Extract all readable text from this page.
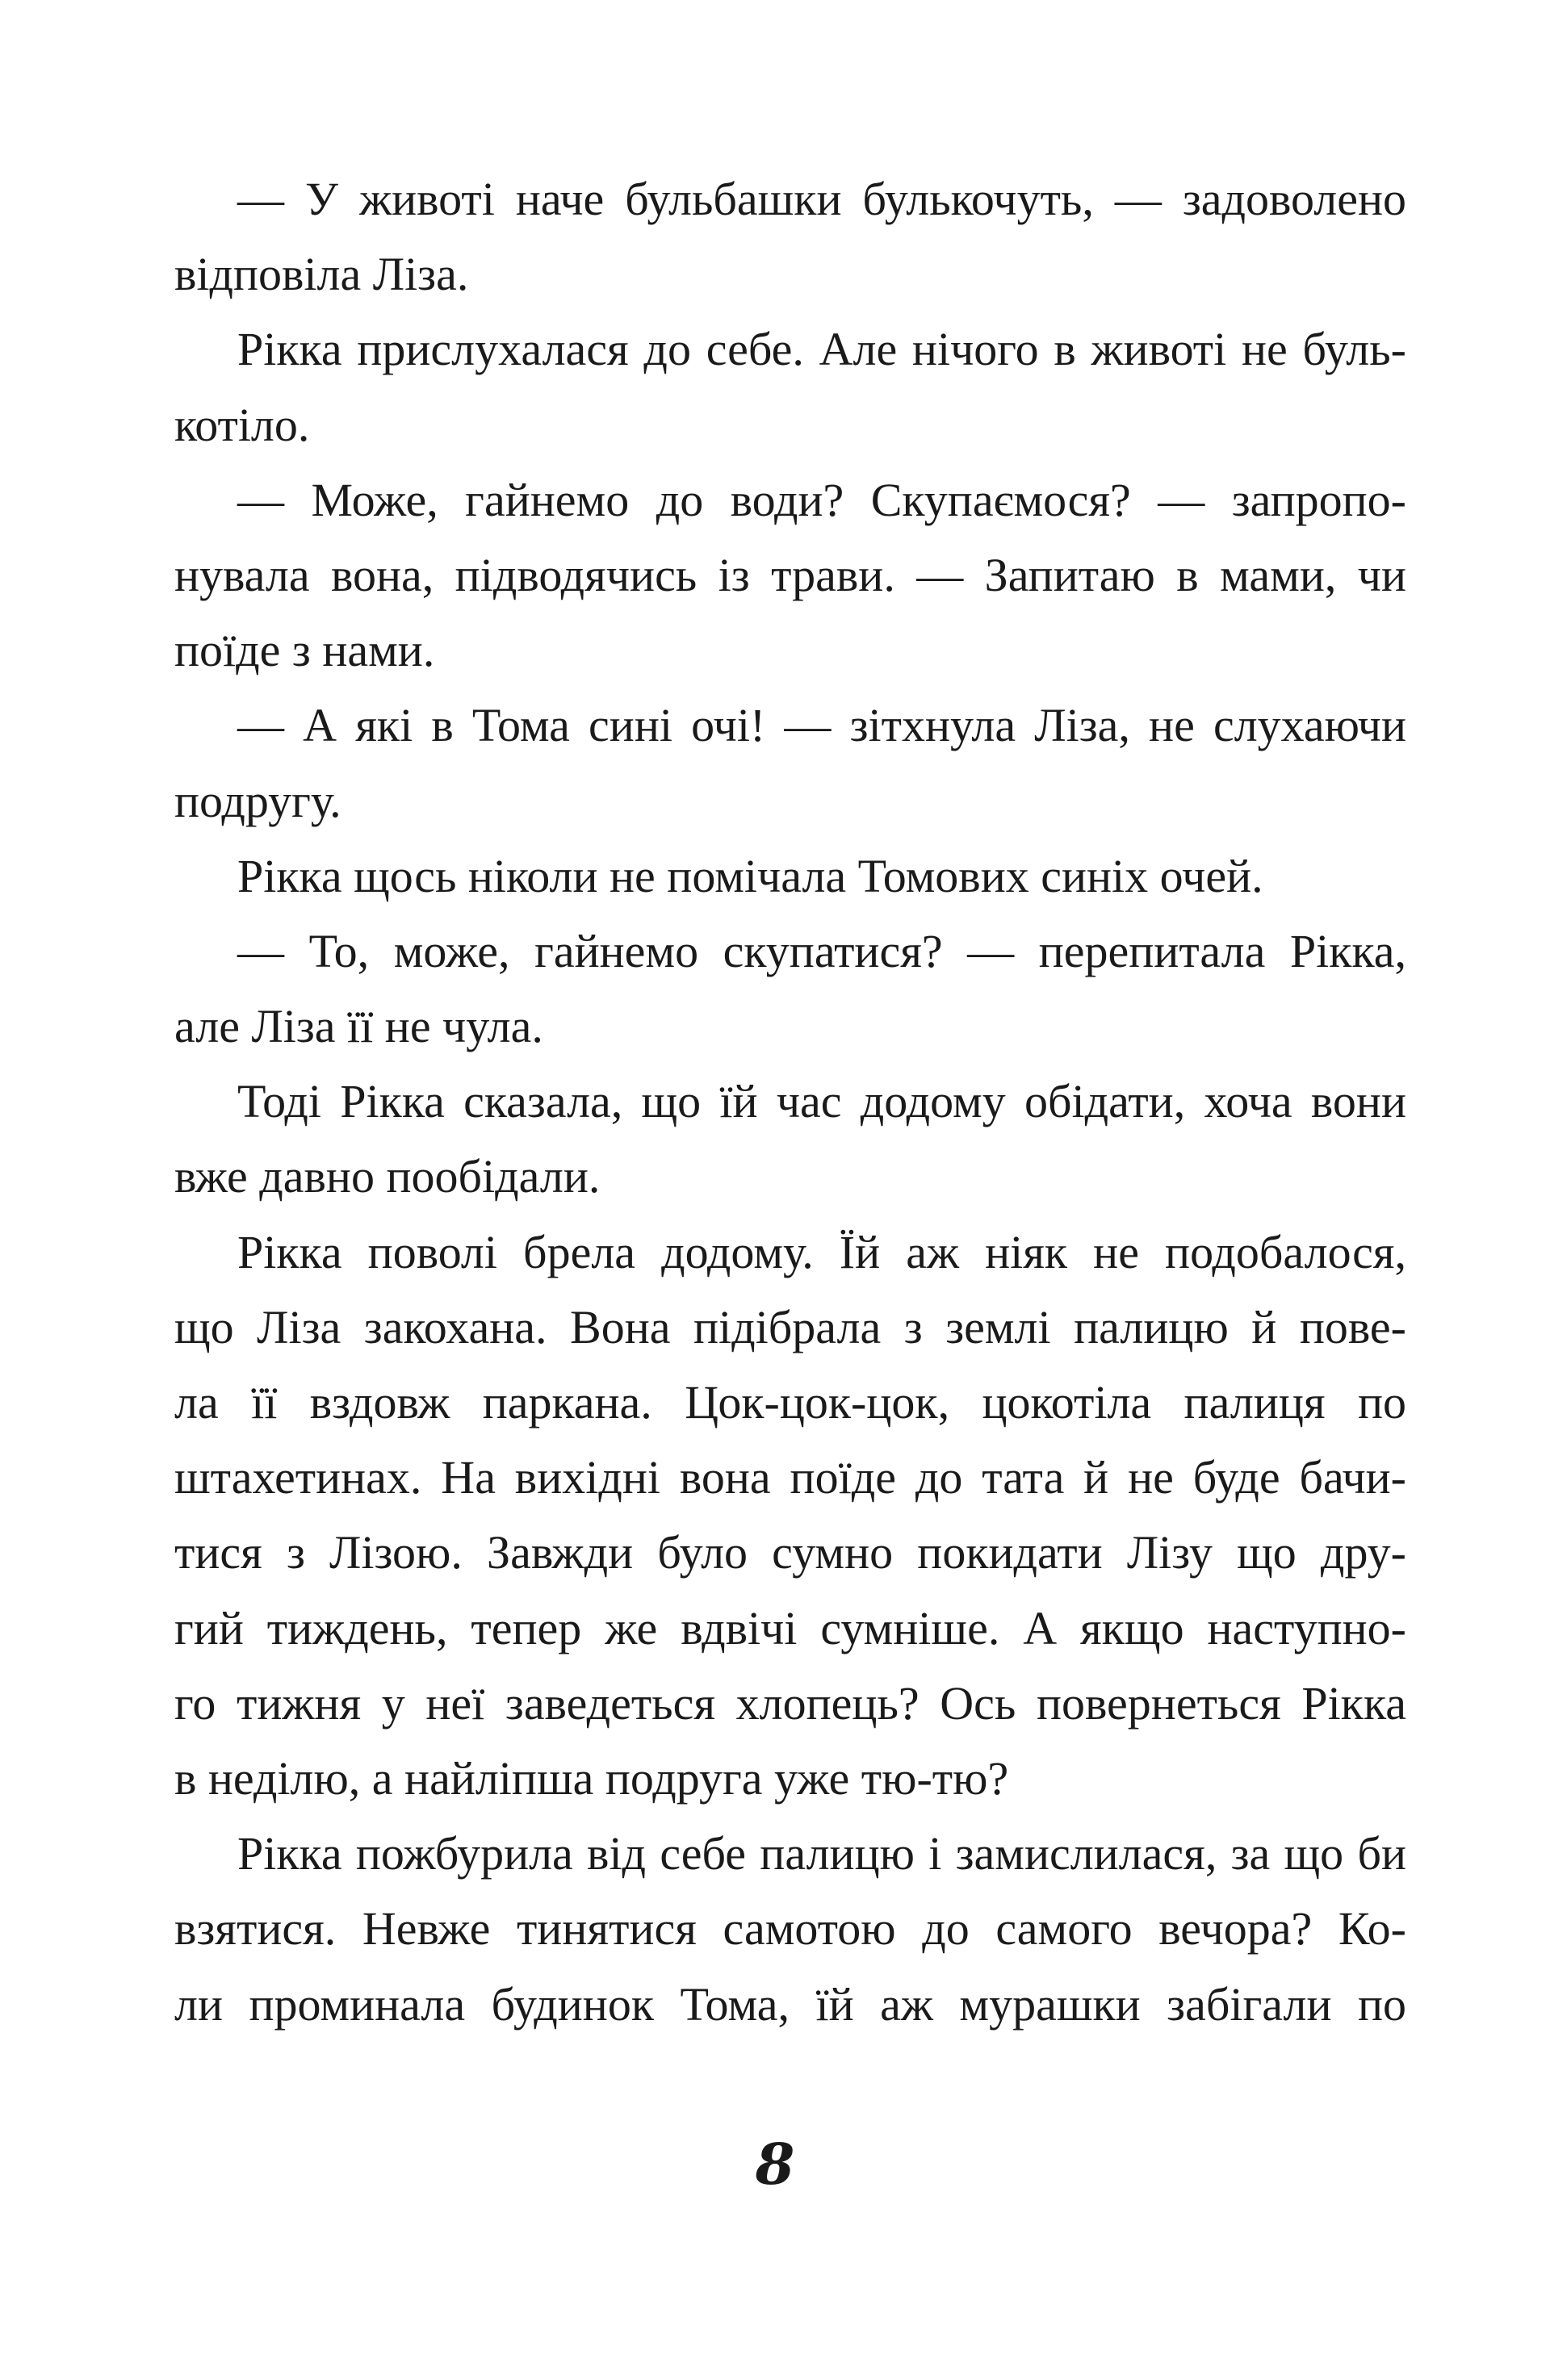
— У животі наче бульбашки булькочуть, — задоволено
відповіла Ліза.
Рікка прислухалася до себе. Але нічого в животі не буль-
котіло.
— Може, гайнемо до води? Скупаємося? — запропо-
нувала вона, підводячись із трави. — Запитаю в мами, чи
поїде з нами.
— А які в Тома сині очі! — зітхнула Ліза, не слухаючи
подругу.
Рікка щось ніколи не помічала Томових синіх очей.
— То, може, гайнемо скупатися? — перепитала Рікка,
але Ліза її не чула.
Тоді Рікка сказала, що їй час додому обідати, хоча вони
вже давно пообідали.
Рікка поволі брела додому. Їй аж ніяк не подобалося,
що Ліза закохана. Вона підібрала з землі палицю й пове-
ла її вздовж паркана. Цок-цок-цок, цокотіла палиця по
штахетинах. На вихідні вона поїде до тата й не буде бачи-
тися з Лізою. Завжди було сумно покидати Лізу що дру-
гий тиждень, тепер же вдвічі сумніше. А якщо наступно-
го тижня у неї заведеться хлопець? Ось повернеться Рікка
в неділю, а найліпша подруга уже тю-тю?
Рікка пожбурила від себе палицю і замислилася, за що би
взятися. Невже тинятися самотою до самого вечора? Ко-
ли проминала будинок Тома, їй аж мурашки забігали по
8
